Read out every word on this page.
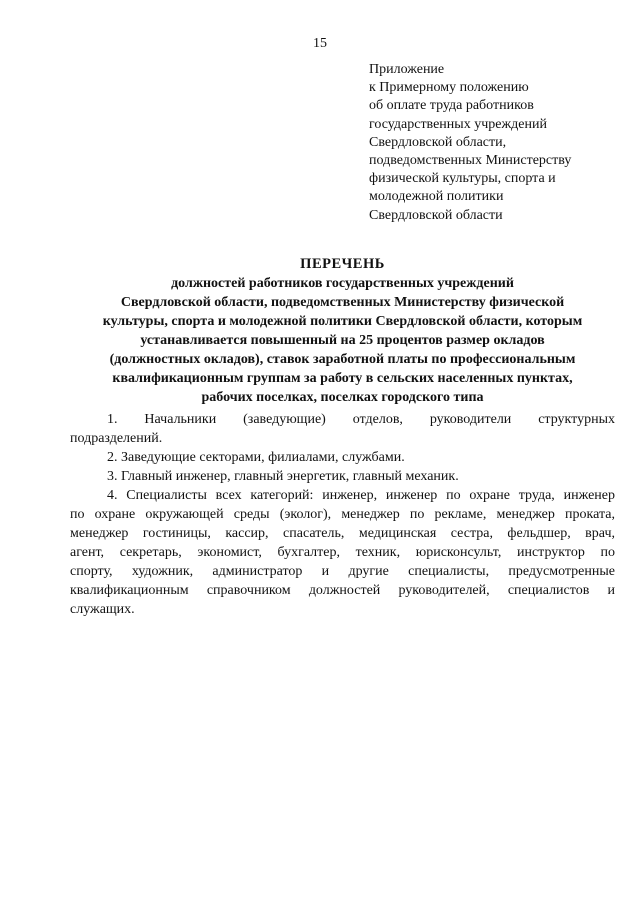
15
Приложение
к Примерному положению
об оплате труда работников
государственных учреждений
Свердловской области,
подведомственных Министерству
физической культуры, спорта и
молодежной политики
Свердловской области
ПЕРЕЧЕНЬ
должностей работников государственных учреждений
Свердловской области, подведомственных Министерству физической
культуры, спорта и молодежной политики Свердловской области, которым
устанавливается повышенный на 25 процентов размер окладов
(должностных окладов), ставок заработной платы по профессиональным
квалификационным группам за работу в сельских населенных пунктах,
рабочих поселках, поселках городского типа
1. Начальники (заведующие) отделов, руководители структурных
подразделений.
2. Заведующие секторами, филиалами, службами.
3. Главный инженер, главный энергетик, главный механик.
4. Специалисты всех категорий: инженер, инженер по охране труда, инженер
по охране окружающей среды (эколог), менеджер по рекламе, менеджер проката,
менеджер гостиницы, кассир, спасатель, медицинская сестра, фельдшер, врач,
агент, секретарь, экономист, бухгалтер, техник, юрисконсульт, инструктор по
спорту, художник, администратор и другие специалисты, предусмотренные
квалификационным справочником должностей руководителей, специалистов и
служащих.
